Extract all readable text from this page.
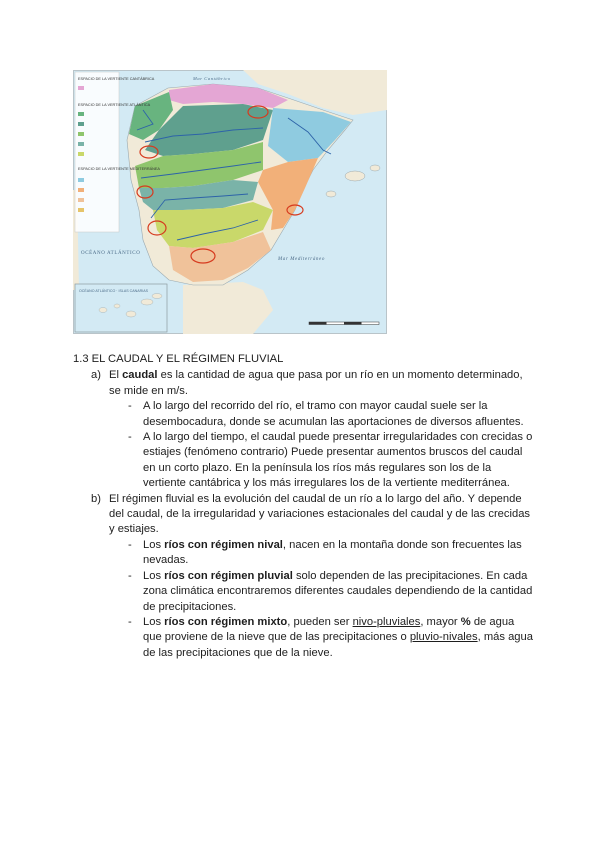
ESPACIO DE LA VERTIENTE CANTÁBRICA
ESPACIO DE LA VERTIENTE ATLÁNTICA
ESPACIO DE LA VERTIENTE MEDITERRÁNEA
Mar Cantábrico
OCÉANO ATLÁNTICO
Mar Mediterráneo
OCÉANO ATLÁNTICO · ISLAS CANARIAS

1.3 EL CAUDAL Y EL RÉGIMEN FLUVIAL

a) El caudal es la cantidad de agua que pasa por un río en un momento determinado, se mide en m/s.
- A lo largo del recorrido del río, el tramo con mayor caudal suele ser la desembocadura, donde se acumulan las aportaciones de diversos afluentes.
- A lo largo del tiempo, el caudal puede presentar irregularidades con crecidas o estiajes (fenómeno contrario) Puede presentar aumentos bruscos del caudal en un corto plazo. En la península los ríos más regulares son los de la vertiente cantábrica y los más irregulares los de la vertiente mediterránea.
b) El régimen fluvial es la evolución del caudal de un río a lo largo del año. Y depende del caudal, de la irregularidad y variaciones estacionales del caudal y de las crecidas y estiajes.
- Los ríos con régimen nival, nacen en la montaña donde son frecuentes las nevadas.
- Los ríos con régimen pluvial solo dependen de las precipitaciones. En cada zona climática encontraremos diferentes caudales dependiendo de la cantidad de precipitaciones.
- Los ríos con régimen mixto, pueden ser nivo-pluviales, mayor % de agua que proviene de la nieve que de las precipitaciones o pluvio-nivales, más agua de las precipitaciones que de la nieve.
